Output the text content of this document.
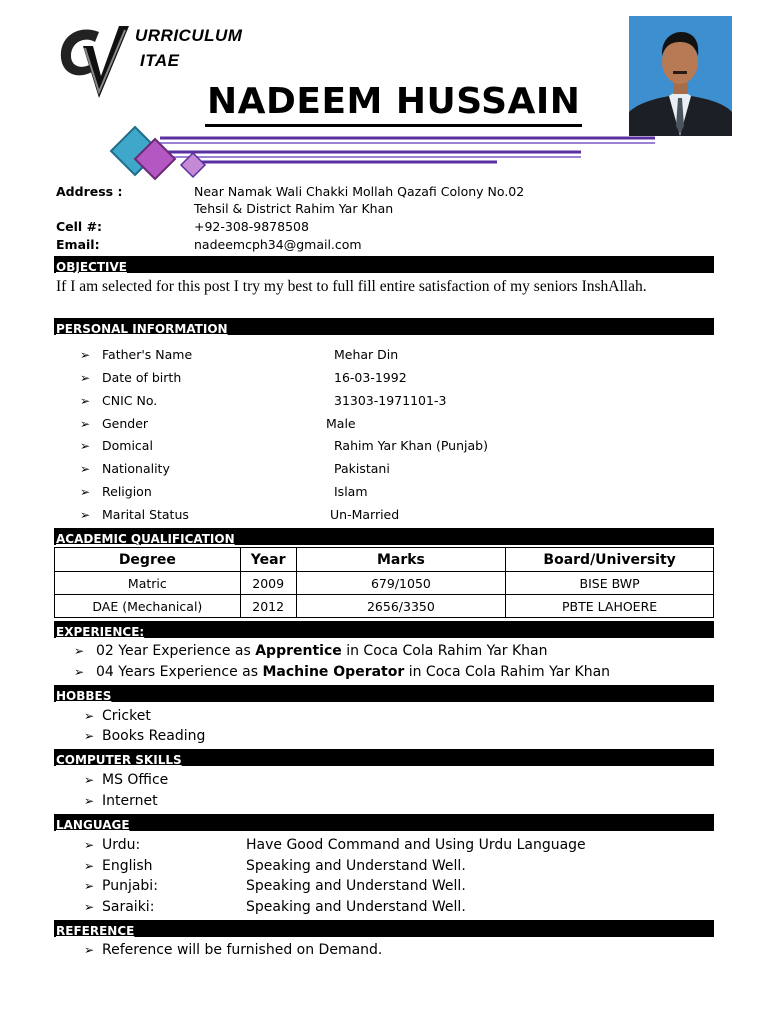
URRICULUM
ITAE
NADEEM HUSSAIN
Address :	Near Namak Wali Chakki Mollah Qazafi Colony No.02
Tehsil & District Rahim Yar Khan
Cell #:	+92-308-9878508
Email:	nadeemcph34@gmail.com
OBJECTIVE
If I am selected for this post I try my best to full fill entire satisfaction of my seniors InshAllah.
PERSONAL INFORMATION
➢ Father's Name	Mehar Din
➢ Date of birth	16-03-1992
➢ CNIC No.	31303-1971101-3
➢ Gender	Male
➢ Domical	Rahim Yar Khan (Punjab)
➢ Nationality	Pakistani
➢ Religion	Islam
➢ Marital Status	Un-Married
ACADEMIC QUALIFICATION
Degree	Year	Marks	Board/University
Matric	2009	679/1050	BISE BWP
DAE (Mechanical)	2012	2656/3350	PBTE LAHOERE
EXPERIENCE:
➢ 02 Year Experience as Apprentice in Coca Cola Rahim Yar Khan
➢ 04 Years Experience as Machine Operator in Coca Cola Rahim Yar Khan
HOBBES
➢ Cricket
➢ Books Reading
COMPUTER SKILLS
➢ MS Office
➢ Internet
LANGUAGE
➢ Urdu:	Have Good Command and Using Urdu Language
➢ English	Speaking and Understand Well.
➢ Punjabi:	Speaking and Understand Well.
➢ Saraiki:	Speaking and Understand Well.
REFERENCE
➢ Reference will be furnished on Demand.
